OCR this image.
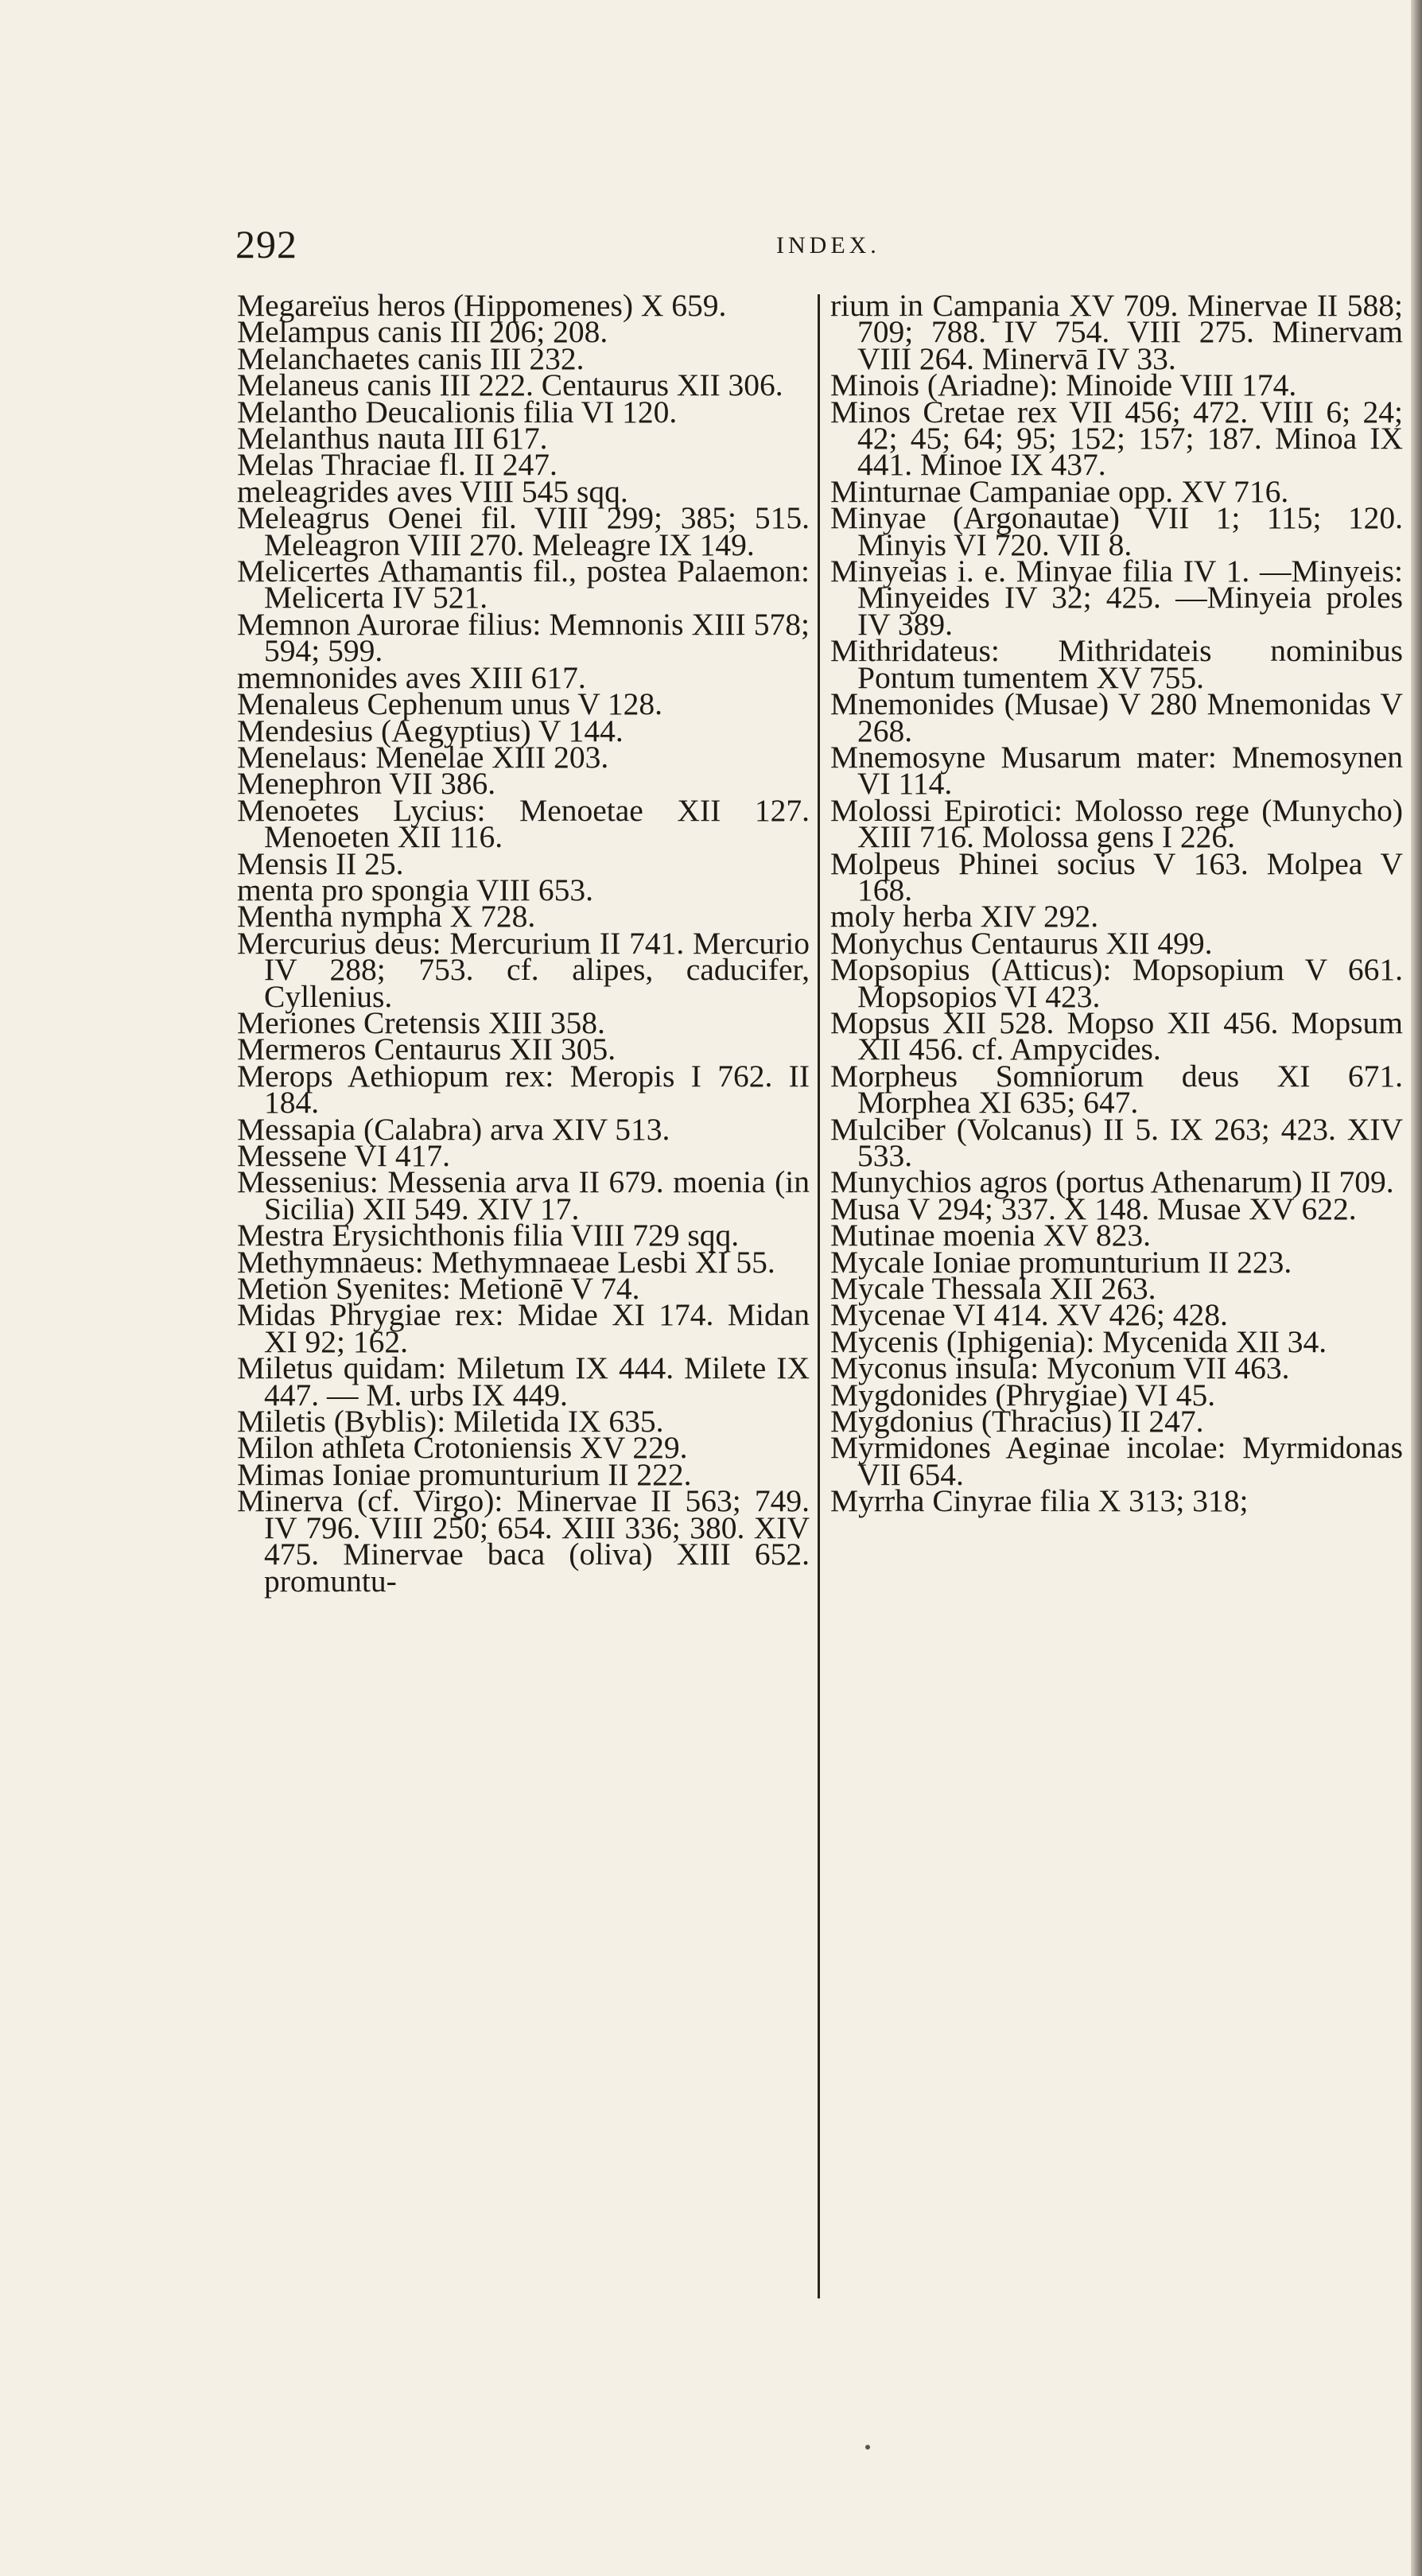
292	INDEX.

Megareïus heros (Hippomenes) X 659.

Melampus canis III 206; 208.

Melanchaetes canis III 232.

Melaneus canis III 222. Centaurus XII 306.

Melantho Deucalionis filia VI 120.

Melanthus nauta III 617.

Melas Thraciae fl. II 247.

meleagrides aves VIII 545 sqq.

Meleagrus Oenei fil. VIII 299; 385; 515. Meleagron VIII 270. Meleagre IX 149.

Melicertes Athamantis fil., postea Palaemon: Melicerta IV 521.

Memnon Aurorae filius: Memnonis XIII 578; 594; 599.

memnonides aves XIII 617.

Menaleus Cephenum unus V 128.

Mendesius (Aegyptius) V 144.

Menelaus: Menelae XIII 203.

Menephron VII 386.

Menoetes Lycius: Menoetae XII 127. Menoeten XII 116.

Mensis II 25.

menta pro spongia VIII 653.

Mentha nympha X 728.

Mercurius deus: Mercurium II 741. Mercurio IV 288; 753. cf. alipes, caducifer, Cyllenius.

Meriones Cretensis XIII 358.

Mermeros Centaurus XII 305.

Merops Aethiopum rex: Meropis I 762. II 184.

Messapia (Calabra) arva XIV 513.

Messene VI 417.

Messenius: Messenia arva II 679. moenia (in Sicilia) XII 549. XIV 17.

Mestra Erysichthonis filia VIII 729 sqq.

Methymnaeus: Methymnaeae Lesbi XI 55.

Metion Syenites: Metionē V 74.

Midas Phrygiae rex: Midae XI 174. Midan XI 92; 162.

Miletus quidam: Miletum IX 444. Milete IX 447. — M. urbs IX 449.

Miletis (Byblis): Miletida IX 635.

Milon athleta Crotoniensis XV 229.

Mimas Ioniae promunturium II 222.

Minerva (cf. Virgo): Minervae II 563; 749. IV 796. VIII 250; 654. XIII 336; 380. XIV 475. Minervae baca (oliva) XIII 652. promuntu-

rium in Campania XV 709. Minervae II 588; 709; 788. IV 754. VIII 275. Minervam VIII 264. Minervā IV 33.

Minois (Ariadne): Minoide VIII 174.

Minos Cretae rex VII 456; 472. VIII 6; 24; 42; 45; 64; 95; 152; 157; 187. Minoa IX 441. Minoe IX 437.

Minturnae Campaniae opp. XV 716.

Minyae (Argonautae) VII 1; 115; 120. Minyis VI 720. VII 8.

Minyeias i. e. Minyae filia IV 1. —Minyeis: Minyeides IV 32; 425. —Minyeia proles IV 389.

Mithridateus: Mithridateis nominibus Pontum tumentem XV 755.

Mnemonides (Musae) V 280 Mnemonidas V 268.

Mnemosyne Musarum mater: Mnemosynen VI 114.

Molossi Epirotici: Molosso rege (Munycho) XIII 716. Molossa gens I 226.

Molpeus Phinei socius V 163. Molpea V 168.

moly herba XIV 292.

Monychus Centaurus XII 499.

Mopsopius (Atticus): Mopsopium V 661. Mopsopios VI 423.

Mopsus XII 528. Mopso XII 456. Mopsum XII 456. cf. Ampycides.

Morpheus Somniorum deus XI 671. Morphea XI 635; 647.

Mulciber (Volcanus) II 5. IX 263; 423. XIV 533.

Munychios agros (portus Athenarum) II 709.

Musa V 294; 337. X 148. Musae XV 622.

Mutinae moenia XV 823.

Mycale Ioniae promunturium II 223.

Mycale Thessala XII 263.

Mycenae VI 414. XV 426; 428.

Mycenis (Iphigenia): Mycenida XII 34.

Myconus insula: Myconum VII 463.

Mygdonides (Phrygiae) VI 45.

Mygdonius (Thracius) II 247.

Myrmidones Aeginae incolae: Myrmidonas VII 654.

Myrrha Cinyrae filia X 313; 318;
